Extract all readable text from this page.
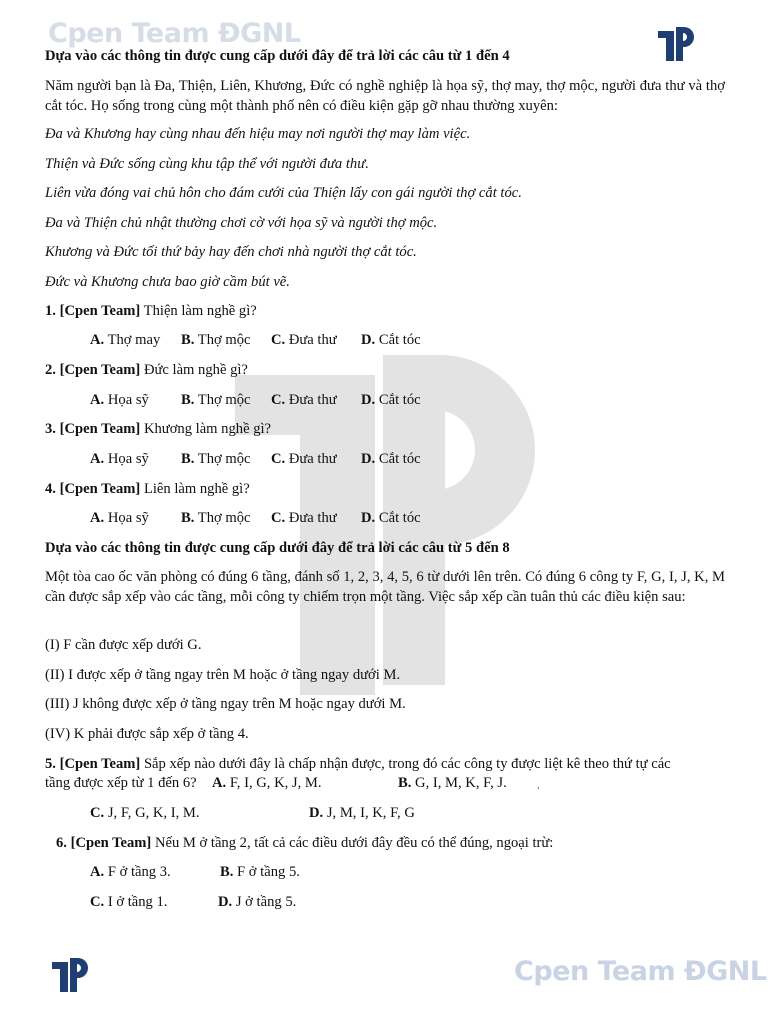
Cpen Team ĐGNL
Dựa vào các thông tin được cung cấp dưới đây để trả lời các câu từ 1 đến 4
Năm người bạn là Đa, Thiện, Liên, Khương, Đức có nghề nghiệp là họa sỹ, thợ may, thợ mộc, người đưa thư và thợ cắt tóc. Họ sống trong cùng một thành phố nên có điều kiện gặp gỡ nhau thường xuyên:
Đa và Khương hay cùng nhau đến hiệu may nơi người thợ may làm việc.
Thiện và Đức sống cùng khu tập thể với người đưa thư.
Liên vừa đóng vai chủ hôn cho đám cưới của Thiện lấy con gái người thợ cắt tóc.
Đa và Thiện chủ nhật thường chơi cờ với họa sỹ và người thợ mộc.
Khương và Đức tối thứ bảy hay đến chơi nhà người thợ cắt tóc.
Đức và Khương chưa bao giờ cầm bút vẽ.
1. [Cpen Team] Thiện làm nghề gì?
A. Thợ may B. Thợ mộc C. Đưa thư D. Cắt tóc
2. [Cpen Team] Đức làm nghề gì?
A. Họa sỹ B. Thợ mộc C. Đưa thư D. Cắt tóc
3. [Cpen Team] Khương làm nghề gì?
A. Họa sỹ B. Thợ mộc C. Đưa thư D. Cắt tóc
4. [Cpen Team] Liên làm nghề gì?
A. Họa sỹ B. Thợ mộc C. Đưa thư D. Cắt tóc
Dựa vào các thông tin được cung cấp dưới đây để trả lời các câu từ 5 đến 8
Một tòa cao ốc văn phòng có đúng 6 tầng, đánh số 1, 2, 3, 4, 5, 6 từ dưới lên trên. Có đúng 6 công ty F, G, I, J, K, M cần được sắp xếp vào các tầng, mỗi công ty chiếm trọn một tầng. Việc sắp xếp cần tuân thủ các điều kiện sau:
(I) F cần được xếp dưới G.
(II) I được xếp ở tầng ngay trên M hoặc ở tầng ngay dưới M.
(III) J không được xếp ở tầng ngay trên M hoặc ngay dưới M.
(IV) K phải được sắp xếp ở tầng 4.
5. [Cpen Team] Sắp xếp nào dưới đây là chấp nhận được, trong đó các công ty được liệt kê theo thứ tự các
tầng được xếp từ 1 đến 6? A. F, I, G, K, J, M.	B. G, I, M, K, F, J.	,
C. J, F, G, K, I, M.	D. J, M, I, K, F, G
6. [Cpen Team] Nếu M ở tầng 2, tất cả các điều dưới đây đều có thể đúng, ngoại trừ:
A. F ở tầng 3.	B. F ở tầng 5.
C. I ở tầng 1.	D. J ở tầng 5.
Cpen Team ĐGNL
